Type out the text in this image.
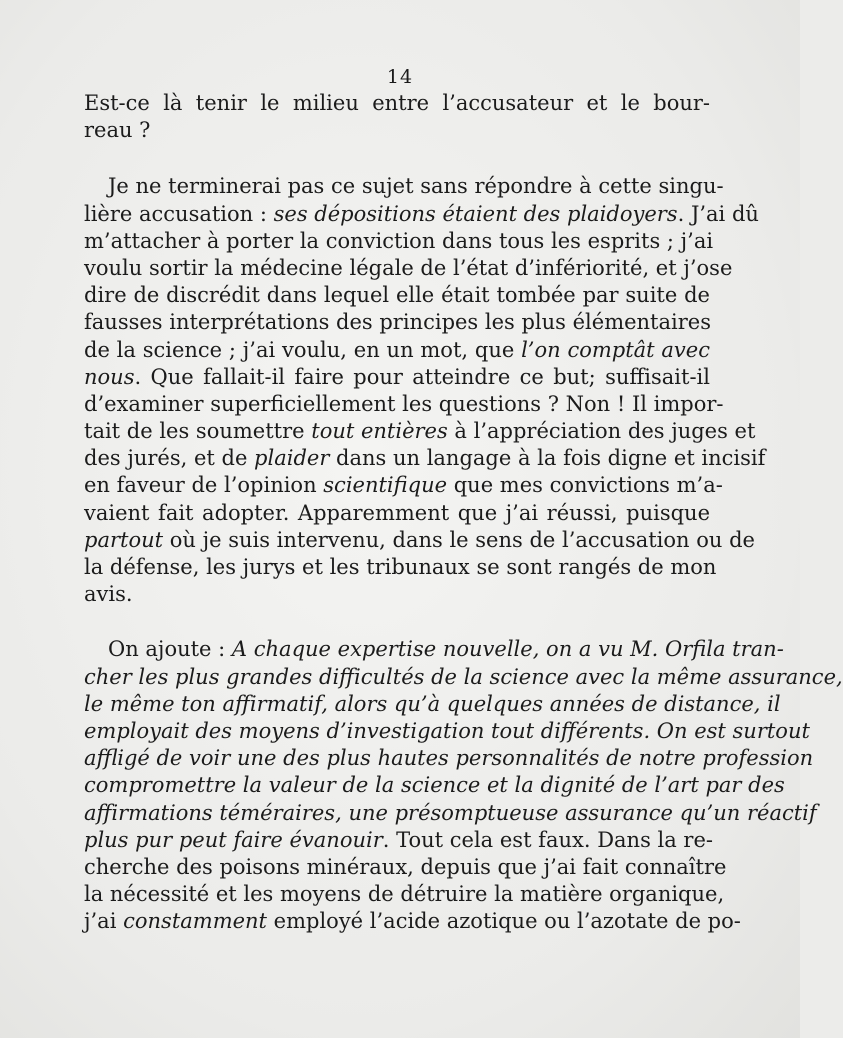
14
Est-ce là tenir le milieu entre l’accusateur et le bour-
reau ?
Je ne terminerai pas ce sujet sans répondre à cette singu-
lière accusation : ses dépositions étaient des plaidoyers. J’ai dû
m’attacher à porter la conviction dans tous les esprits ; j’ai
voulu sortir la médecine légale de l’état d’infériorité, et j’ose
dire de discrédit dans lequel elle était tombée par suite de
fausses interprétations des principes les plus élémentaires
de la science ; j’ai voulu, en un mot, que l’on comptât avec
nous. Que fallait-il faire pour atteindre ce but; suffisait-il
d’examiner superficiellement les questions ? Non ! Il impor-
tait de les soumettre tout entières à l’appréciation des juges et
des jurés, et de plaider dans un langage à la fois digne et incisif
en faveur de l’opinion scientifique que mes convictions m’a-
vaient fait adopter. Apparemment que j’ai réussi, puisque
partout où je suis intervenu, dans le sens de l’accusation ou de
la défense, les jurys et les tribunaux se sont rangés de mon
avis.
On ajoute : A chaque expertise nouvelle, on a vu M. Orfila tran-
cher les plus grandes difficultés de la science avec la même assurance,
le même ton affirmatif, alors qu’à quelques années de distance, il
employait des moyens d’investigation tout différents. On est surtout
affligé de voir une des plus hautes personnalités de notre profession
compromettre la valeur de la science et la dignité de l’art par des
affirmations téméraires, une présomptueuse assurance qu’un réactif
plus pur peut faire évanouir. Tout cela est faux. Dans la re-
cherche des poisons minéraux, depuis que j’ai fait connaître
la nécessité et les moyens de détruire la matière organique,
j’ai constamment employé l’acide azotique ou l’azotate de po-
